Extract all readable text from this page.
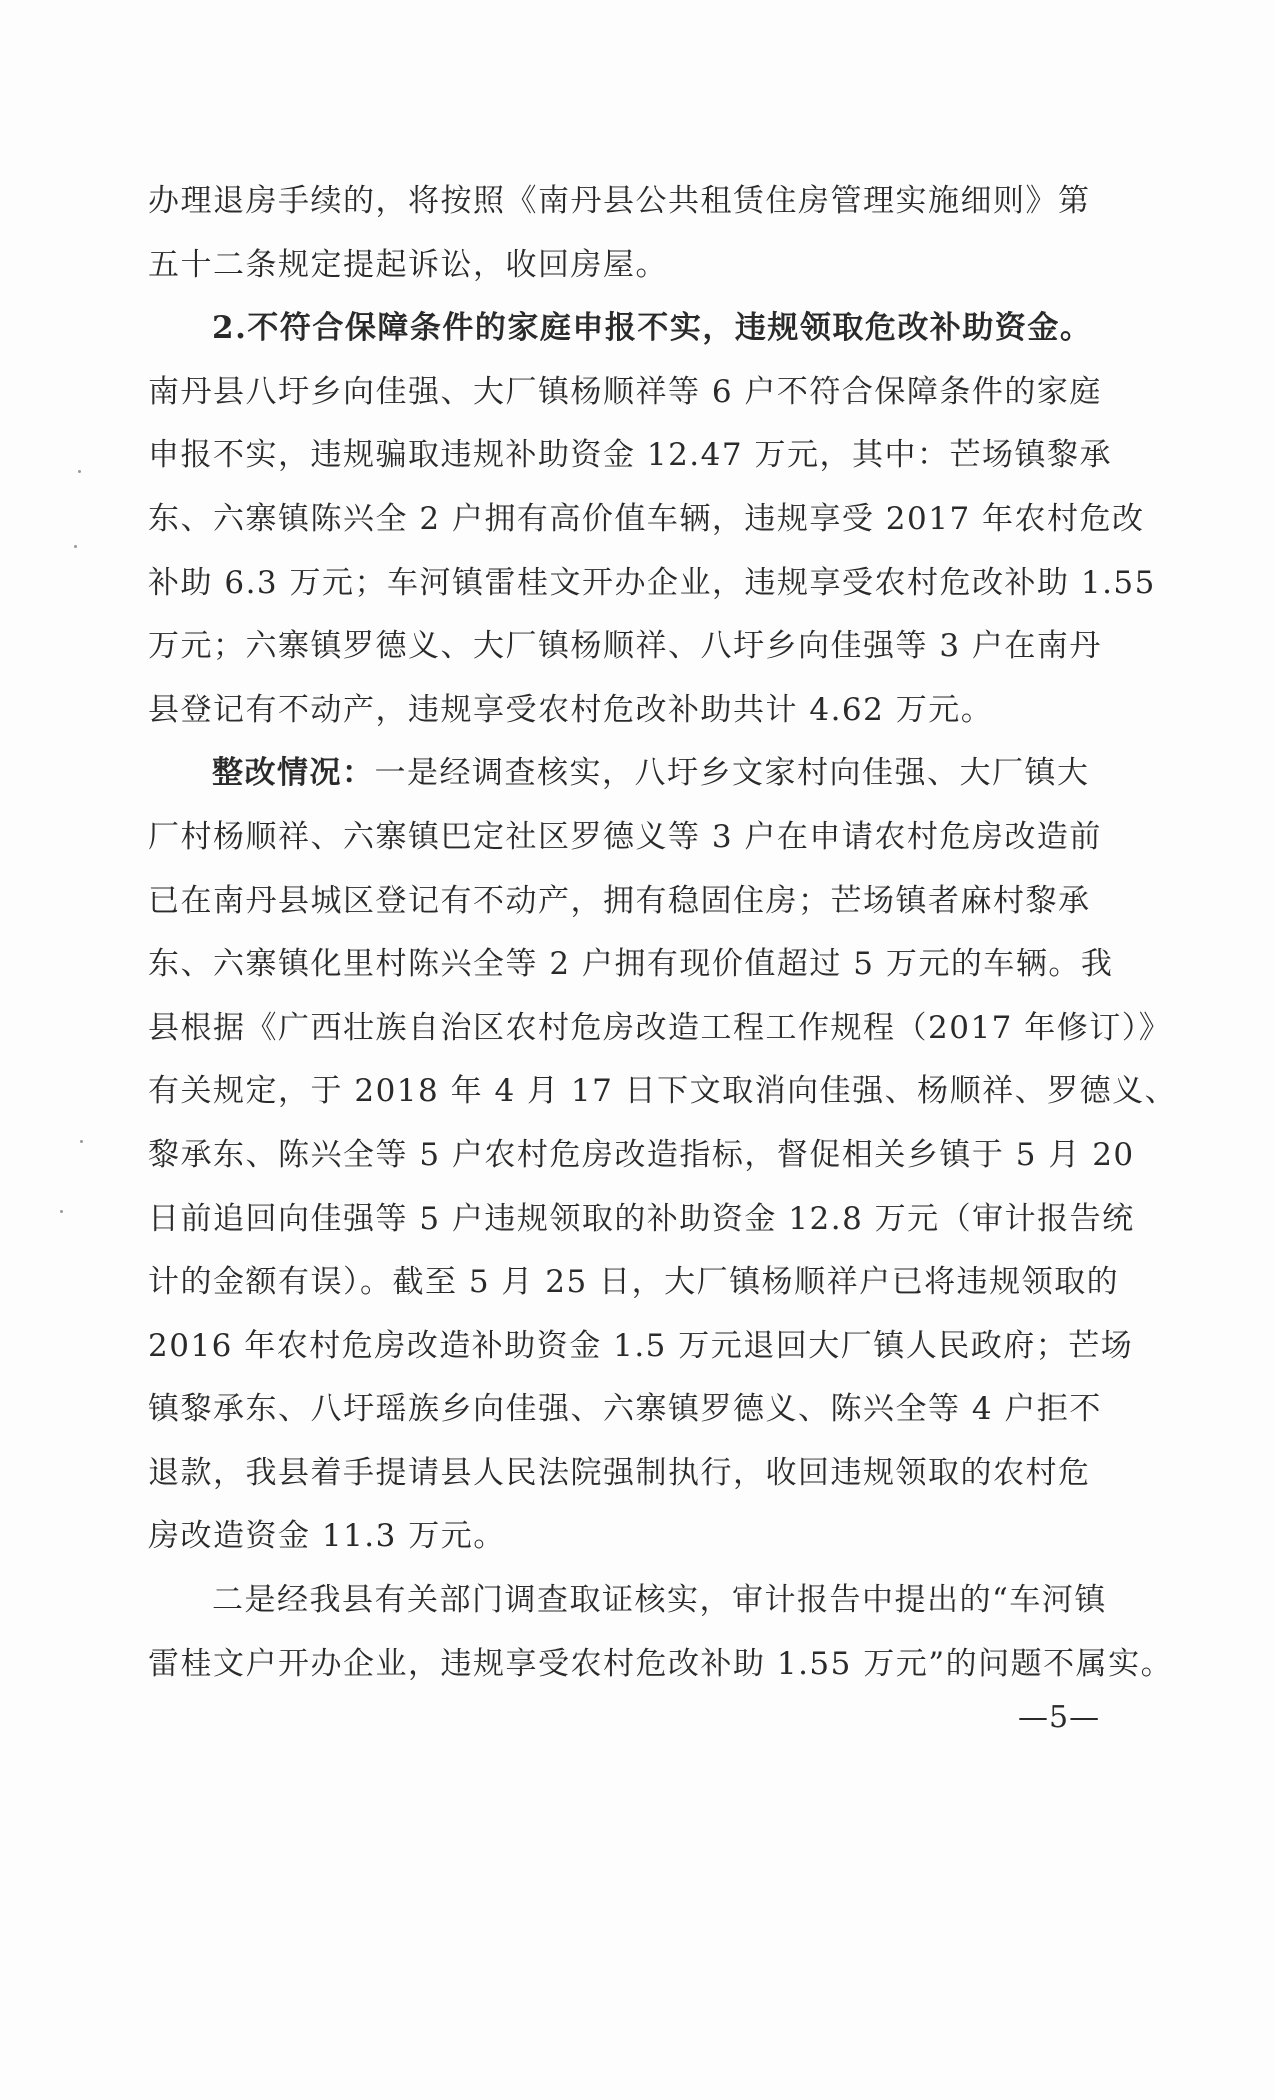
办理退房手续的，将按照《南丹县公共租赁住房管理实施细则》第
五十二条规定提起诉讼，收回房屋。
2.不符合保障条件的家庭申报不实，违规领取危改补助资金。
南丹县八圩乡向佳强、大厂镇杨顺祥等 6 户不符合保障条件的家庭
申报不实，违规骗取违规补助资金 12.47 万元，其中：芒场镇黎承
东、六寨镇陈兴全 2 户拥有高价值车辆，违规享受 2017 年农村危改
补助 6.3 万元；车河镇雷桂文开办企业，违规享受农村危改补助 1.55
万元；六寨镇罗德义、大厂镇杨顺祥、八圩乡向佳强等 3 户在南丹
县登记有不动产，违规享受农村危改补助共计 4.62 万元。
整改情况：一是经调查核实，八圩乡文家村向佳强、大厂镇大
厂村杨顺祥、六寨镇巴定社区罗德义等 3 户在申请农村危房改造前
已在南丹县城区登记有不动产，拥有稳固住房；芒场镇者麻村黎承
东、六寨镇化里村陈兴全等 2 户拥有现价值超过 5 万元的车辆。我
县根据《广西壮族自治区农村危房改造工程工作规程（2017 年修订）》
有关规定，于 2018 年 4 月 17 日下文取消向佳强、杨顺祥、罗德义、
黎承东、陈兴全等 5 户农村危房改造指标，督促相关乡镇于 5 月 20
日前追回向佳强等 5 户违规领取的补助资金 12.8 万元（审计报告统
计的金额有误）。截至 5 月 25 日，大厂镇杨顺祥户已将违规领取的
2016 年农村危房改造补助资金 1.5 万元退回大厂镇人民政府；芒场
镇黎承东、八圩瑶族乡向佳强、六寨镇罗德义、陈兴全等 4 户拒不
退款，我县着手提请县人民法院强制执行，收回违规领取的农村危
房改造资金 11.3 万元。
二是经我县有关部门调查取证核实，审计报告中提出的“车河镇
雷桂文户开办企业，违规享受农村危改补助 1.55 万元”的问题不属实。
—5—
